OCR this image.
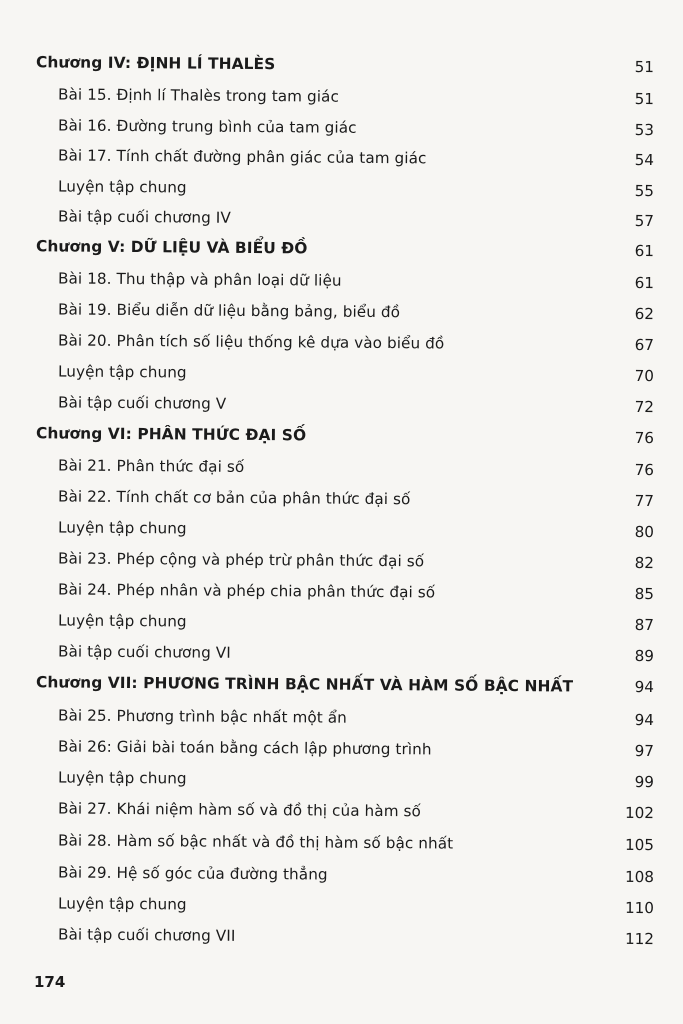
Chương IV: ĐỊNH LÍ THALÈS	51
Bài 15. Định lí Thalès trong tam giác	51
Bài 16. Đường trung bình của tam giác	53
Bài 17. Tính chất đường phân giác của tam giác	54
Luyện tập chung	55
Bài tập cuối chương IV	57
Chương V: DỮ LIỆU VÀ BIỂU ĐỒ	61
Bài 18. Thu thập và phân loại dữ liệu	61
Bài 19. Biểu diễn dữ liệu bằng bảng, biểu đồ	62
Bài 20. Phân tích số liệu thống kê dựa vào biểu đồ	67
Luyện tập chung	70
Bài tập cuối chương V	72
Chương VI: PHÂN THỨC ĐẠI SỐ	76
Bài 21. Phân thức đại số	76
Bài 22. Tính chất cơ bản của phân thức đại số	77
Luyện tập chung	80
Bài 23. Phép cộng và phép trừ phân thức đại số	82
Bài 24. Phép nhân và phép chia phân thức đại số	85
Luyện tập chung	87
Bài tập cuối chương VI	89
Chương VII: PHƯƠNG TRÌNH BẬC NHẤT VÀ HÀM SỐ BẬC NHẤT	94
Bài 25. Phương trình bậc nhất một ẩn	94
Bài 26: Giải bài toán bằng cách lập phương trình	97
Luyện tập chung	99
Bài 27. Khái niệm hàm số và đồ thị của hàm số	102
Bài 28. Hàm số bậc nhất và đồ thị hàm số bậc nhất	105
Bài 29. Hệ số góc của đường thẳng	108
Luyện tập chung	110
Bài tập cuối chương VII	112
174
